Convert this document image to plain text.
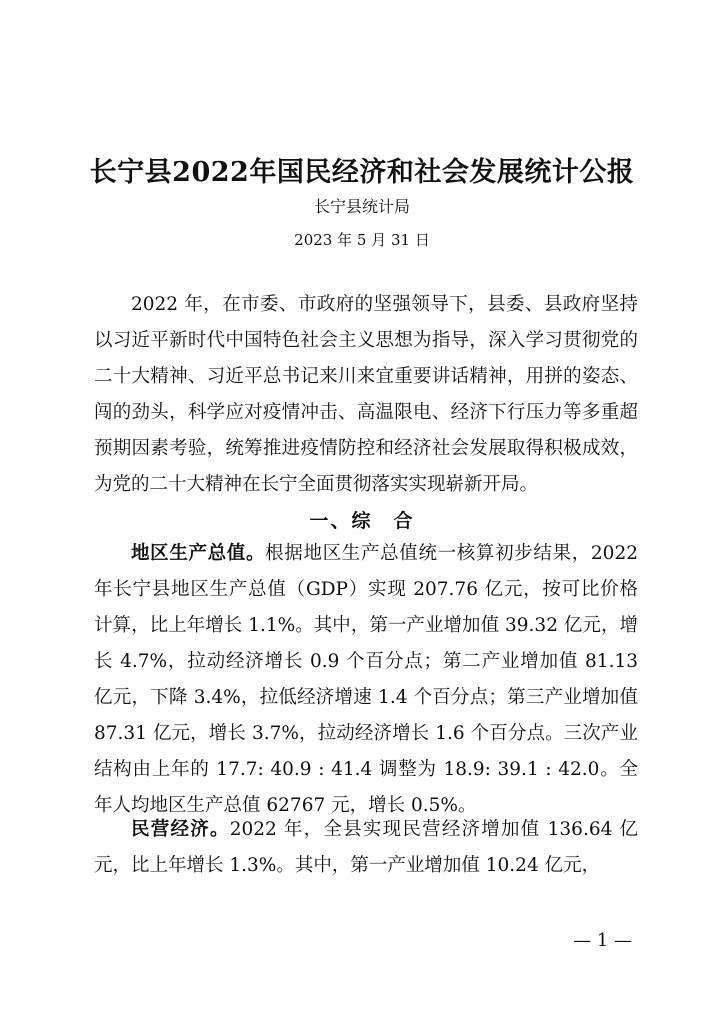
长宁县2022年国民经济和社会发展统计公报
长宁县统计局
2023 年 5 月 31 日

2022 年，在市委、市政府的坚强领导下，县委、县政府坚持以习近平新时代中国特色社会主义思想为指导，深入学习贯彻党的二十大精神、习近平总书记来川来宜重要讲话精神，用拼的姿态、闯的劲头，科学应对疫情冲击、高温限电、经济下行压力等多重超预期因素考验，统筹推进疫情防控和经济社会发展取得积极成效，为党的二十大精神在长宁全面贯彻落实实现崭新开局。

一、综　合

地区生产总值。根据地区生产总值统一核算初步结果，2022 年长宁县地区生产总值（GDP）实现 207.76 亿元，按可比价格计算，比上年增长 1.1%。其中，第一产业增加值 39.32 亿元，增长 4.7%，拉动经济增长 0.9 个百分点；第二产业增加值 81.13 亿元，下降 3.4%，拉低经济增速 1.4 个百分点；第三产业增加值 87.31 亿元，增长 3.7%，拉动经济增长 1.6 个百分点。三次产业结构由上年的 17.7: 40.9 : 41.4 调整为 18.9: 39.1 : 42.0。全年人均地区生产总值 62767 元，增长 0.5%。

民营经济。2022 年，全县实现民营经济增加值 136.64 亿元，比上年增长 1.3%。其中，第一产业增加值 10.24 亿元，

— 1 —
